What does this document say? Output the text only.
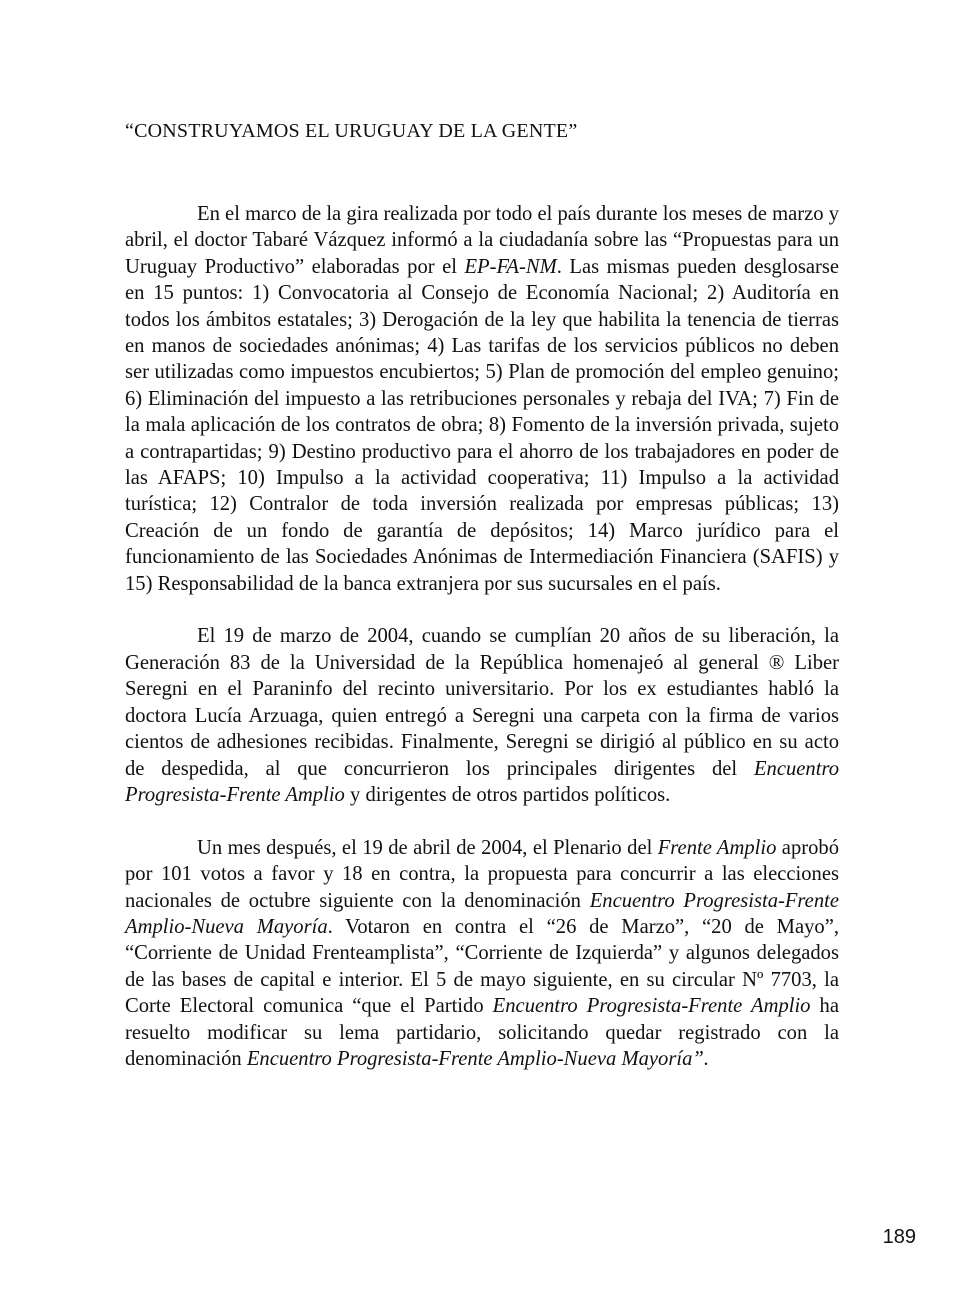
“CONSTRUYAMOS EL URUGUAY DE LA GENTE”

En el marco de la gira realizada por todo el país durante los meses de marzo y abril, el doctor Tabaré Vázquez informó a la ciudadanía sobre las “Propuestas para un Uruguay Productivo” elaboradas por el EP-FA-NM. Las mismas pueden desglosarse en 15 puntos: 1) Convocatoria al Consejo de Economía Nacional; 2) Auditoría en todos los ámbitos estatales; 3) Derogación de la ley que habilita la tenencia de tierras en manos de sociedades anónimas; 4) Las tarifas de los servicios públicos no deben ser utilizadas como impuestos encubiertos; 5) Plan de promoción del empleo genuino; 6) Eliminación del impuesto a las retribuciones personales y rebaja del IVA; 7) Fin de la mala aplicación de los contratos de obra; 8) Fomento de la inversión privada, sujeto a contrapartidas; 9) Destino productivo para el ahorro de los trabajadores en poder de las AFAPS; 10) Impulso a la actividad cooperativa; 11) Impulso a la actividad turística; 12) Contralor de toda inversión realizada por empresas públicas; 13) Creación de un fondo de garantía de depósitos; 14) Marco jurídico para el funcionamiento de las Sociedades Anónimas de Intermediación Financiera (SAFIS) y 15) Responsabilidad de la banca extranjera por sus sucursales en el país.

El 19 de marzo de 2004, cuando se cumplían 20 años de su liberación, la Generación 83 de la Universidad de la República homenajeó al general ® Liber Seregni en el Paraninfo del recinto universitario. Por los ex estudiantes habló la doctora Lucía Arzuaga, quien entregó a Seregni una carpeta con la firma de varios cientos de adhesiones recibidas. Finalmente, Seregni se dirigió al público en su acto de despedida, al que concurrieron los principales dirigentes del Encuentro Progresista-Frente Amplio y dirigentes de otros partidos políticos.

Un mes después, el 19 de abril de 2004, el Plenario del Frente Amplio aprobó por 101 votos a favor y 18 en contra, la propuesta para concurrir a las elecciones nacionales de octubre siguiente con la denominación Encuentro Progresista-Frente Amplio-Nueva Mayoría. Votaron en contra el “26 de Marzo”, “20 de Mayo”, “Corriente de Unidad Frenteamplista”, “Corriente de Izquierda” y algunos delegados de las bases de capital e interior. El 5 de mayo siguiente, en su circular Nº 7703, la Corte Electoral comunica “que el Partido Encuentro Progresista-Frente Amplio ha resuelto modificar su lema partidario, solicitando quedar registrado con la denominación Encuentro Progresista-Frente Amplio-Nueva Mayoría”.

189
